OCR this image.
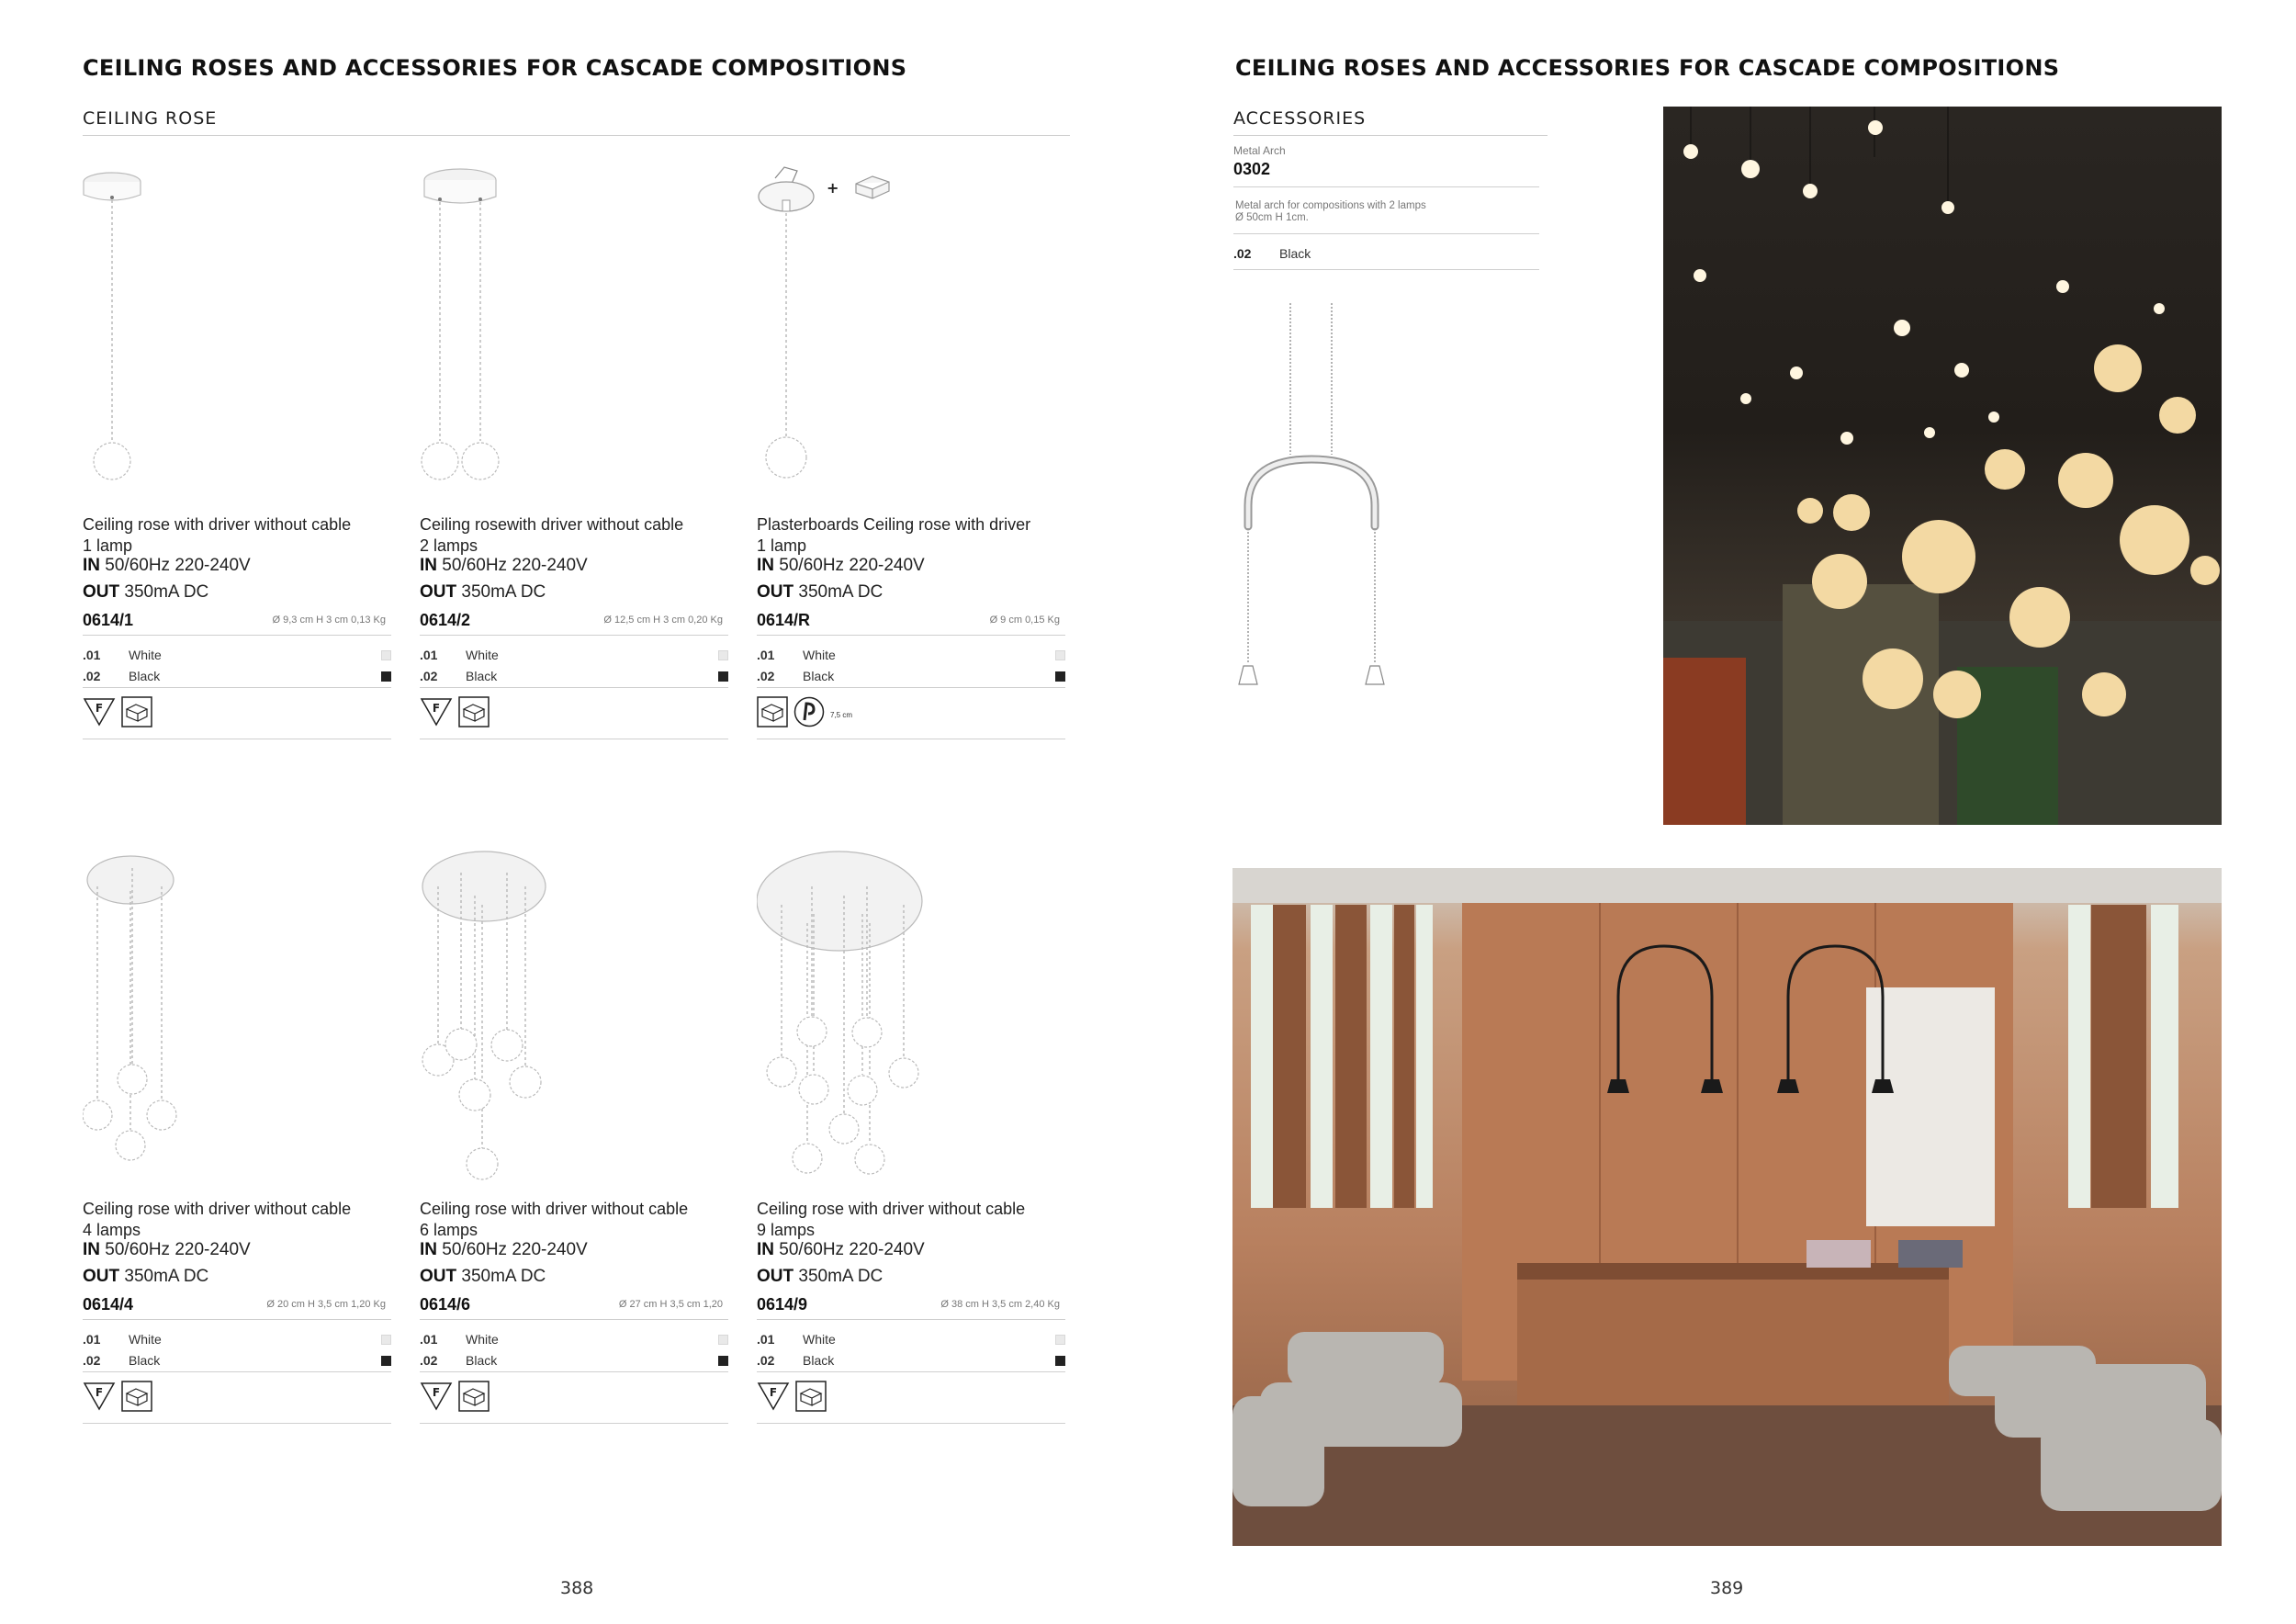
CEILING ROSES AND ACCESSORIES FOR CASCADE COMPOSITIONS
CEILING ROSE
Ceiling rose with driver without cable
1 lamp
IN 50/60Hz 220-240V
OUT 350mA DC
0614/1	Ø 9,3 cm H 3 cm 0,13 Kg
.01 White
.02 Black
F
Ceiling rosewith driver without cable
2 lamps
IN 50/60Hz 220-240V
OUT 350mA DC
0614/2	Ø 12,5 cm H 3 cm 0,20 Kg
.01 White
.02 Black
F
+
Plasterboards Ceiling rose with driver
1 lamp
IN 50/60Hz 220-240V
OUT 350mA DC
0614/R	Ø 9 cm 0,15 Kg
.01 White
.02 Black
7,5 cm
Ceiling rose with driver without cable
4 lamps
IN 50/60Hz 220-240V
OUT 350mA DC
0614/4	Ø 20 cm H 3,5 cm 1,20 Kg
.01 White
.02 Black
F
Ceiling rose with driver without cable
6 lamps
IN 50/60Hz 220-240V
OUT 350mA DC
0614/6	Ø 27 cm H 3,5 cm 1,20
.01 White
.02 Black
F
Ceiling rose with driver without cable
9 lamps
IN 50/60Hz 220-240V
OUT 350mA DC
0614/9	Ø 38 cm H 3,5 cm 2,40 Kg
.01 White
.02 Black
F
388
CEILING ROSES AND ACCESSORIES FOR CASCADE COMPOSITIONS
ACCESSORIES
Metal Arch
0302
Metal arch for compositions with 2 lamps
Ø 50cm H 1cm.
.02 Black
389
